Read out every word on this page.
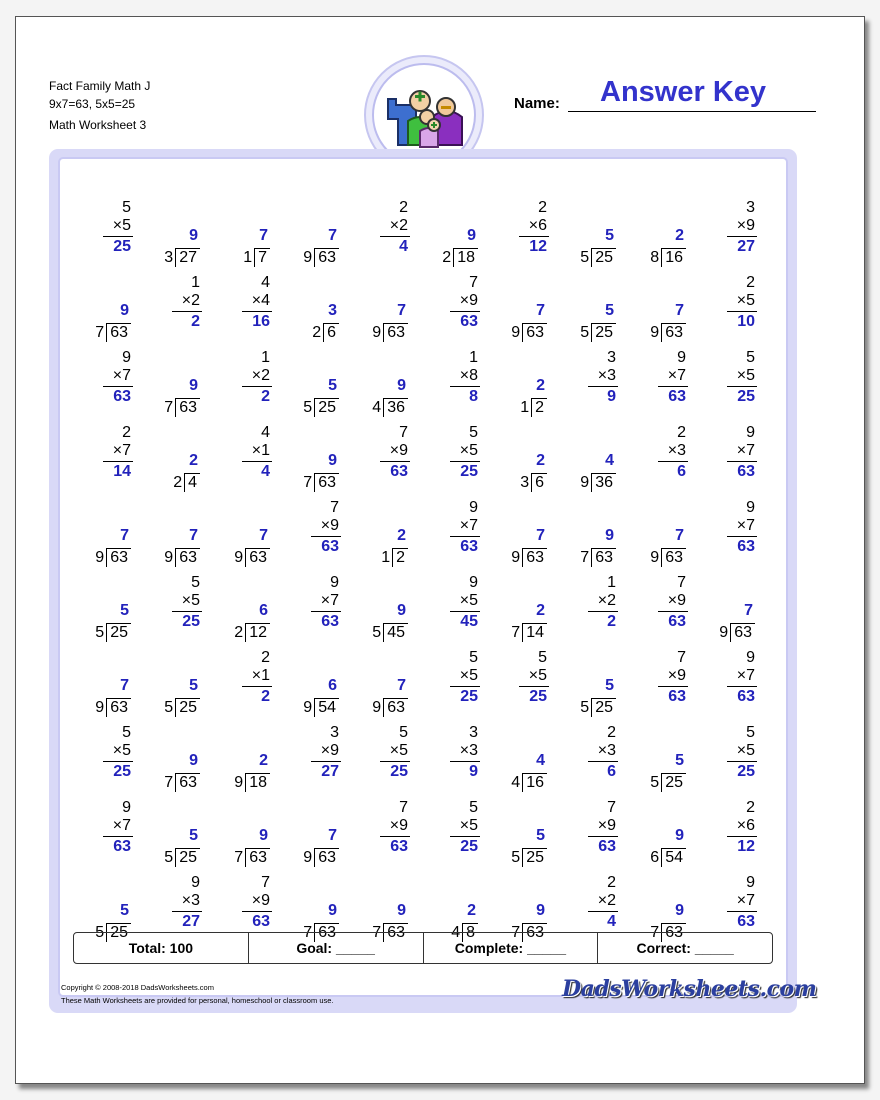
Fact Family Math J
9x7=63, 5x5=25
Math Worksheet 3
Name: Answer Key
5
×5
25
9
3 27
7
1 7
7
9 63
2
×2
4
9
2 18
2
×6
12
5
5 25
2
8 16
3
×9
27
9
7 63
1
×2
2
4
×4
16
3
2 6
7
9 63
7
×9
63
7
9 63
5
5 25
7
9 63
2
×5
10
9
×7
63
9
7 63
1
×2
2
5
5 25
9
4 36
1
×8
8
2
1 2
3
×3
9
9
×7
63
5
×5
25
2
×7
14
2
2 4
4
×1
4
9
7 63
7
×9
63
5
×5
25
2
3 6
4
9 36
2
×3
6
9
×7
63
7
9 63
7
9 63
7
9 63
7
×9
63
2
1 2
9
×7
63
7
9 63
9
7 63
7
9 63
9
×7
63
5
5 25
5
×5
25
6
2 12
9
×7
63
9
5 45
9
×5
45
2
7 14
1
×2
2
7
×9
63
7
9 63
7
9 63
5
5 25
2
×1
2
6
9 54
7
9 63
5
×5
25
5
×5
25
5
5 25
7
×9
63
9
×7
63
5
×5
25
9
7 63
2
9 18
3
×9
27
5
×5
25
3
×3
9
4
4 16
2
×3
6
5
5 25
5
×5
25
9
×7
63
5
5 25
9
7 63
7
9 63
7
×9
63
5
×5
25
5
5 25
7
×9
63
9
6 54
2
×6
12
5
5 25
9
×3
27
7
×9
63
9
7 63
9
7 63
2
4 8
9
7 63
2
×2
4
9
7 63
9
×7
63
Total: 100	Goal: _____	Complete: _____	Correct: _____
Copyright © 2008-2018 DadsWorksheets.com
These Math Worksheets are provided for personal, homeschool or classroom use.	DadsWorksheets.com
